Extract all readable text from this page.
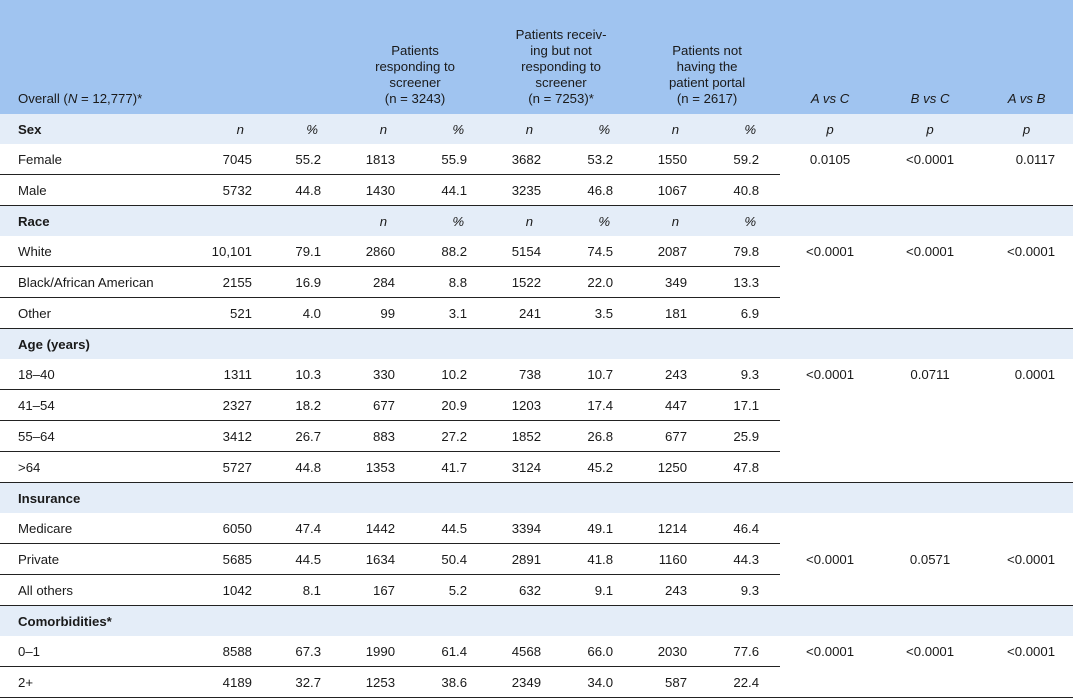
Overall (N = 12,777)*			Patients
responding to
screener
(n = 3243)		Patients receiv-
ing but not
responding to
screener
(n = 7253)*		Patients not
having the
patient portal
(n = 2617)		A vs C	B vs C	A vs B
Sex	n	%	n	%	n	%	n	%	p	p	p
Female	7045	55.2	1813	55.9	3682	53.2	1550	59.2	0.0105	<0.0001	0.0117
Male	5732	44.8	1430	44.1	3235	46.8	1067	40.8			
Race			n	%	n	%	n	%			
White	10,101	79.1	2860	88.2	5154	74.5	2087	79.8	<0.0001	<0.0001	<0.0001
Black/African American	2155	16.9	284	8.8	1522	22.0	349	13.3			
Other	521	4.0	99	3.1	241	3.5	181	6.9			
Age (years)											
18–40	1311	10.3	330	10.2	738	10.7	243	9.3	<0.0001	0.0711	0.0001
41–54	2327	18.2	677	20.9	1203	17.4	447	17.1			
55–64	3412	26.7	883	27.2	1852	26.8	677	25.9			
>64	5727	44.8	1353	41.7	3124	45.2	1250	47.8			
Insurance											
Medicare	6050	47.4	1442	44.5	3394	49.1	1214	46.4			
Private	5685	44.5	1634	50.4	2891	41.8	1160	44.3	<0.0001	0.0571	<0.0001
All others	1042	8.1	167	5.2	632	9.1	243	9.3			
Comorbidities*											
0–1	8588	67.3	1990	61.4	4568	66.0	2030	77.6	<0.0001	<0.0001	<0.0001
2+	4189	32.7	1253	38.6	2349	34.0	587	22.4			
